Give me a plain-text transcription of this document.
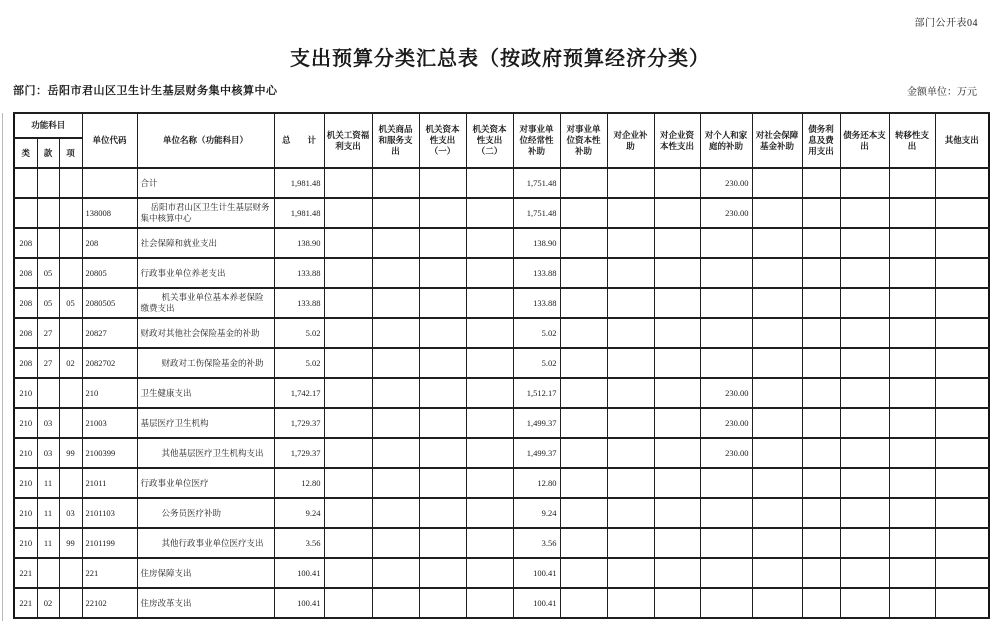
部门公开表04
支出预算分类汇总表（按政府预算经济分类）
部门：岳阳市君山区卫生计生基层财务集中核算中心	金额单位：万元
功能科目			单位代码	单位名称（功能科目）	总　　计	机关工资福利支出	机关商品和服务支出	机关资本性支出（一）	机关资本性支出（二）	对事业单位经常性补助	对事业单位资本性补助	对企业补助	对企业资本性支出	对个人和家庭的补助	对社会保障基金补助	债务利息及费用支出	债务还本支出	转移性支出	其他支出
类	款	项																	
				合计	1,981.48					1,751.48				230.00					
			138008	岳阳市君山区卫生计生基层财务集中核算中心	1,981.48					1,751.48				230.00					
208			208	社会保障和就业支出	138.90					138.90									
208	05		20805	行政事业单位养老支出	133.88					133.88									
208	05	05	2080505	机关事业单位基本养老保险缴费支出	133.88					133.88									
208	27		20827	财政对其他社会保险基金的补助	5.02					5.02									
208	27	02	2082702	财政对工伤保险基金的补助	5.02					5.02									
210			210	卫生健康支出	1,742.17					1,512.17				230.00					
210	03		21003	基层医疗卫生机构	1,729.37					1,499.37				230.00					
210	03	99	2100399	其他基层医疗卫生机构支出	1,729.37					1,499.37				230.00					
210	11		21011	行政事业单位医疗	12.80					12.80									
210	11	03	2101103	公务员医疗补助	9.24					9.24									
210	11	99	2101199	其他行政事业单位医疗支出	3.56					3.56									
221			221	住房保障支出	100.41					100.41									
221	02		22102	住房改革支出	100.41					100.41									
